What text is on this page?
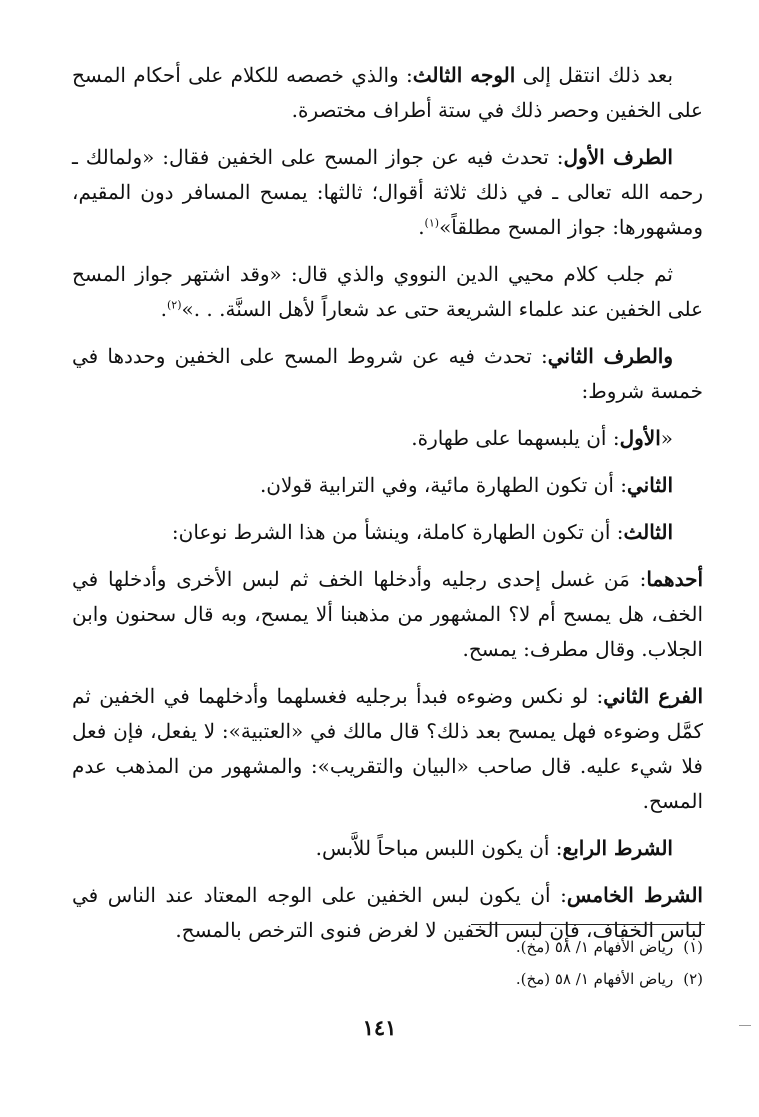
بعد ذلك انتقل إلى الوجه الثالث: والذي خصصه للكلام على أحكام المسح على الخفين وحصر ذلك في ستة أطراف مختصرة.

الطرف الأول: تحدث فيه عن جواز المسح على الخفين فقال: «ولمالك ـ رحمه الله تعالى ـ في ذلك ثلاثة أقوال؛ ثالثها: يمسح المسافر دون المقيم، ومشهورها: جواز المسح مطلقاً»$^{(١)}$.

ثم جلب كلام محيي الدين النووي والذي قال: «وقد اشتهر جواز المسح على الخفين عند علماء الشريعة حتى عد شعاراً لأهل السنَّة. . .»$^{(٢)}$.

والطرف الثاني: تحدث فيه عن شروط المسح على الخفين وحددها في خمسة شروط:

«الأول: أن يلبسهما على طهارة.

الثاني: أن تكون الطهارة مائية، وفي الترابية قولان.

الثالث: أن تكون الطهارة كاملة، وينشأ من هذا الشرط نوعان:

أحدهما: مَن غسل إحدى رجليه وأدخلها الخف ثم لبس الأخرى وأدخلها في الخف، هل يمسح أم لا؟ المشهور من مذهبنا ألا يمسح، وبه قال سحنون وابن الجلاب. وقال مطرف: يمسح.

الفرع الثاني: لو نكس وضوءه فبدأ برجليه فغسلهما وأدخلهما في الخفين ثم كمَّل وضوءه فهل يمسح بعد ذلك؟ قال مالك في «العتبية»: لا يفعل، فإن فعل فلا شيء عليه. قال صاحب «البيان والتقريب»: والمشهور من المذهب عدم المسح.

الشرط الرابع: أن يكون اللبس مباحاً للاَّبس.

الشرط الخامس: أن يكون لبس الخفين على الوجه المعتاد عند الناس في لباس الخفاف، فإن لبس الخفين لا لغرض فنوى الترخص بالمسح.

(١)رياض الأفهام ١/ ٥٨ (مخ).

(٢)رياض الأفهام ١/ ٥٨ (مخ).

١٤١
